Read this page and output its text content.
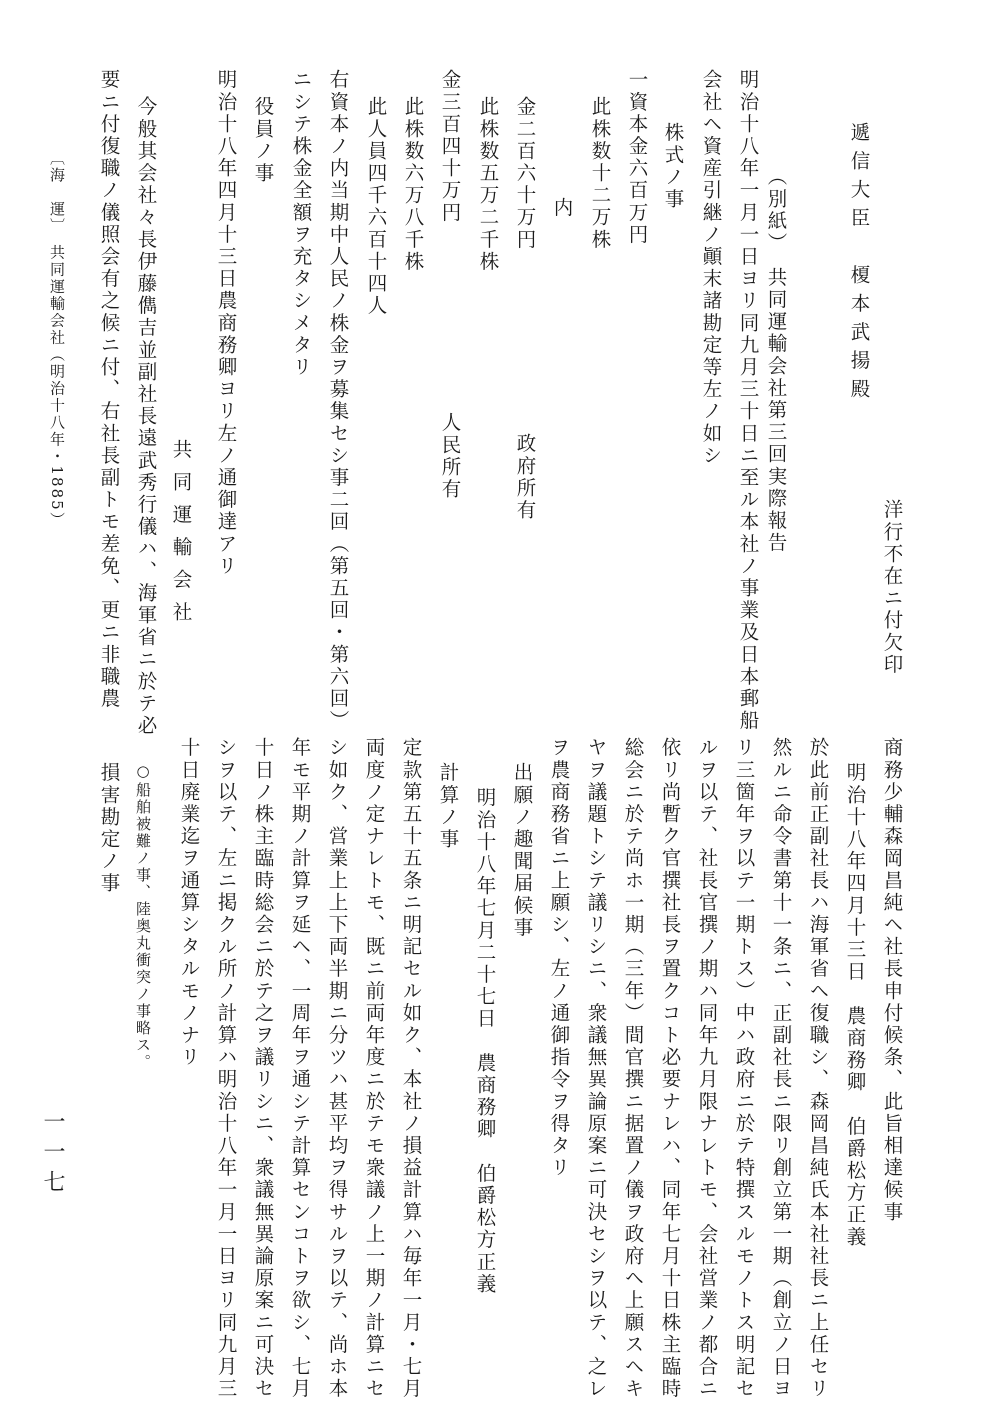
洋行不在ニ付欠印
遞信大臣　榎本武揚殿
（別紙）　共同運輸会社第三回実際報告
明治十八年一月一日ヨリ同九月三十日ニ至ル本社ノ事業及日本郵船
会社ヘ資産引継ノ顚末諸勘定等左ノ如シ
株式ノ事
一資本金六百万円
此株数十二万株
内
金二百六十万円
政府所有
此株数五万二千株
金三百四十万円
人民所有
此株数六万八千株
此人員四千六百十四人
右資本ノ内当期中人民ノ株金ヲ募集セシ事二回（第五回・第六回）
ニシテ株金全額ヲ充タシメタリ
役員ノ事
明治十八年四月十三日農商務卿ヨリ左ノ通御達アリ
共同運輸会社
今般其会社々長伊藤儁吉並副社長遠武秀行儀ハ、海軍省ニ於テ必
要ニ付復職ノ儀照会有之候ニ付、右社長副トモ差免、更ニ非職農
〔海　運〕　共同運輸会社（明治十八年・1885）
商務少輔森岡昌純ヘ社長申付候条、此旨相達候事
明治十八年四月十三日　農商務卿　伯爵松方正義
於此前正副社長ハ海軍省ヘ復職シ、森岡昌純氏本社社長ニ上任セリ
然ルニ命令書第十一条ニ、正副社長ニ限リ創立第一期（創立ノ日ヨ
リ三箇年ヲ以テ一期トス）中ハ政府ニ於テ特撰スルモノトス明記セ
ルヲ以テ、社長官撰ノ期ハ同年九月限ナレトモ、会社営業ノ都合ニ
依リ尚暫ク官撰社長ヲ置クコト必要ナレハ、同年七月十日株主臨時
総会ニ於テ尚ホ一期（三年）間官撰ニ据置ノ儀ヲ政府ヘ上願スヘキ
ヤヲ議題トシテ議リシニ、衆議無異論原案ニ可決セシヲ以テ、之レ
ヲ農商務省ニ上願シ、左ノ通御指令ヲ得タリ
出願ノ趣聞届候事
明治十八年七月二十七日　農商務卿　伯爵松方正義
計算ノ事
定款第五十五条ニ明記セル如ク、本社ノ損益計算ハ毎年一月・七月
両度ノ定ナレトモ、既ニ前両年度ニ於テモ衆議ノ上一期ノ計算ニセ
シ如ク、営業上上下両半期ニ分ツハ甚平均ヲ得サルヲ以テ、尚ホ本
年モ平期ノ計算ヲ延ヘ、一周年ヲ通シテ計算センコトヲ欲シ、七月
十日ノ株主臨時総会ニ於テ之ヲ議リシニ、衆議無異論原案ニ可決セ
シヲ以テ、左ニ掲クル所ノ計算ハ明治十八年一月一日ヨリ同九月三
十日廃業迄ヲ通算シタルモノナリ
○船舶被難ノ事、陸奥丸衝突ノ事略ス。
損害勘定ノ事
一一七
